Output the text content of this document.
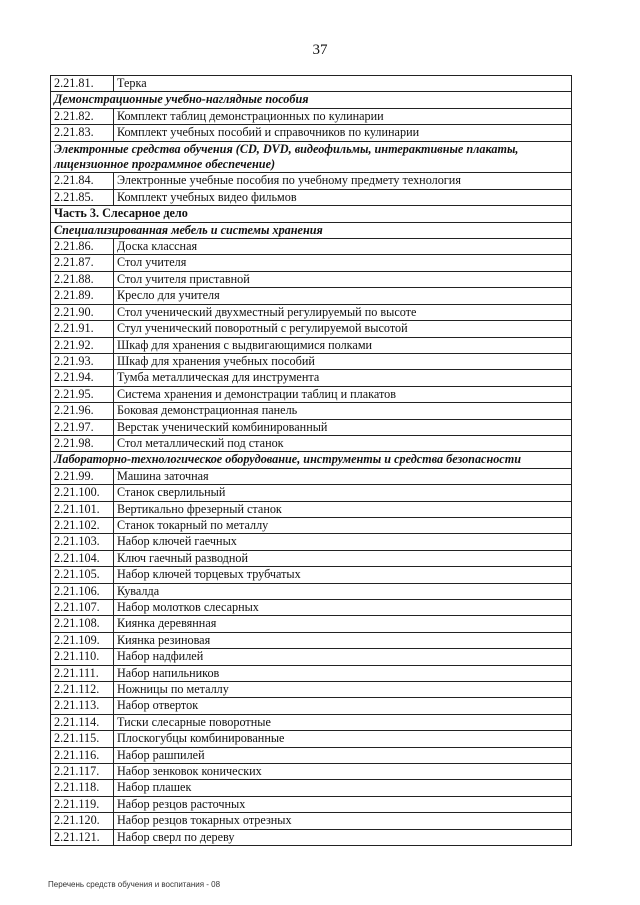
37
2.21.81.	Терка
Демонстрационные учебно-наглядные пособия	
2.21.82.	Комплект таблиц демонстрационных по кулинарии
2.21.83.	Комплект учебных пособий и справочников по кулинарии
Электронные средства обучения (CD, DVD, видеофильмы, интерактивные плакаты, лицензионное программное обеспечение)	
2.21.84.	Электронные учебные пособия по учебному предмету технология
2.21.85.	Комплект учебных видео фильмов
Часть 3. Слесарное дело	
Специализированная мебель и системы хранения	
2.21.86.	Доска классная
2.21.87.	Стол учителя
2.21.88.	Стол учителя приставной
2.21.89.	Кресло для учителя
2.21.90.	Стол ученический двухместный регулируемый по высоте
2.21.91.	Стул ученический поворотный с регулируемой высотой
2.21.92.	Шкаф для хранения с выдвигающимися полками
2.21.93.	Шкаф для хранения учебных пособий
2.21.94.	Тумба металлическая для инструмента
2.21.95.	Система хранения и демонстрации таблиц и плакатов
2.21.96.	Боковая демонстрационная панель
2.21.97.	Верстак ученический комбинированный
2.21.98.	Стол металлический под станок
Лабораторно-технологическое оборудование, инструменты и средства безопасности	
2.21.99.	Машина заточная
2.21.100.	Станок сверлильный
2.21.101.	Вертикально фрезерный станок
2.21.102.	Станок токарный по металлу
2.21.103.	Набор ключей гаечных
2.21.104.	Ключ гаечный разводной
2.21.105.	Набор ключей торцевых трубчатых
2.21.106.	Кувалда
2.21.107.	Набор молотков слесарных
2.21.108.	Киянка деревянная
2.21.109.	Киянка резиновая
2.21.110.	Набор надфилей
2.21.111.	Набор напильников
2.21.112.	Ножницы по металлу
2.21.113.	Набор отверток
2.21.114.	Тиски слесарные поворотные
2.21.115.	Плоскогубцы комбинированные
2.21.116.	Набор рашпилей
2.21.117.	Набор зенковок конических
2.21.118.	Набор плашек
2.21.119.	Набор резцов расточных
2.21.120.	Набор резцов токарных отрезных
2.21.121.	Набор сверл по дереву
Перечень средств обучения и воспитания - 08
